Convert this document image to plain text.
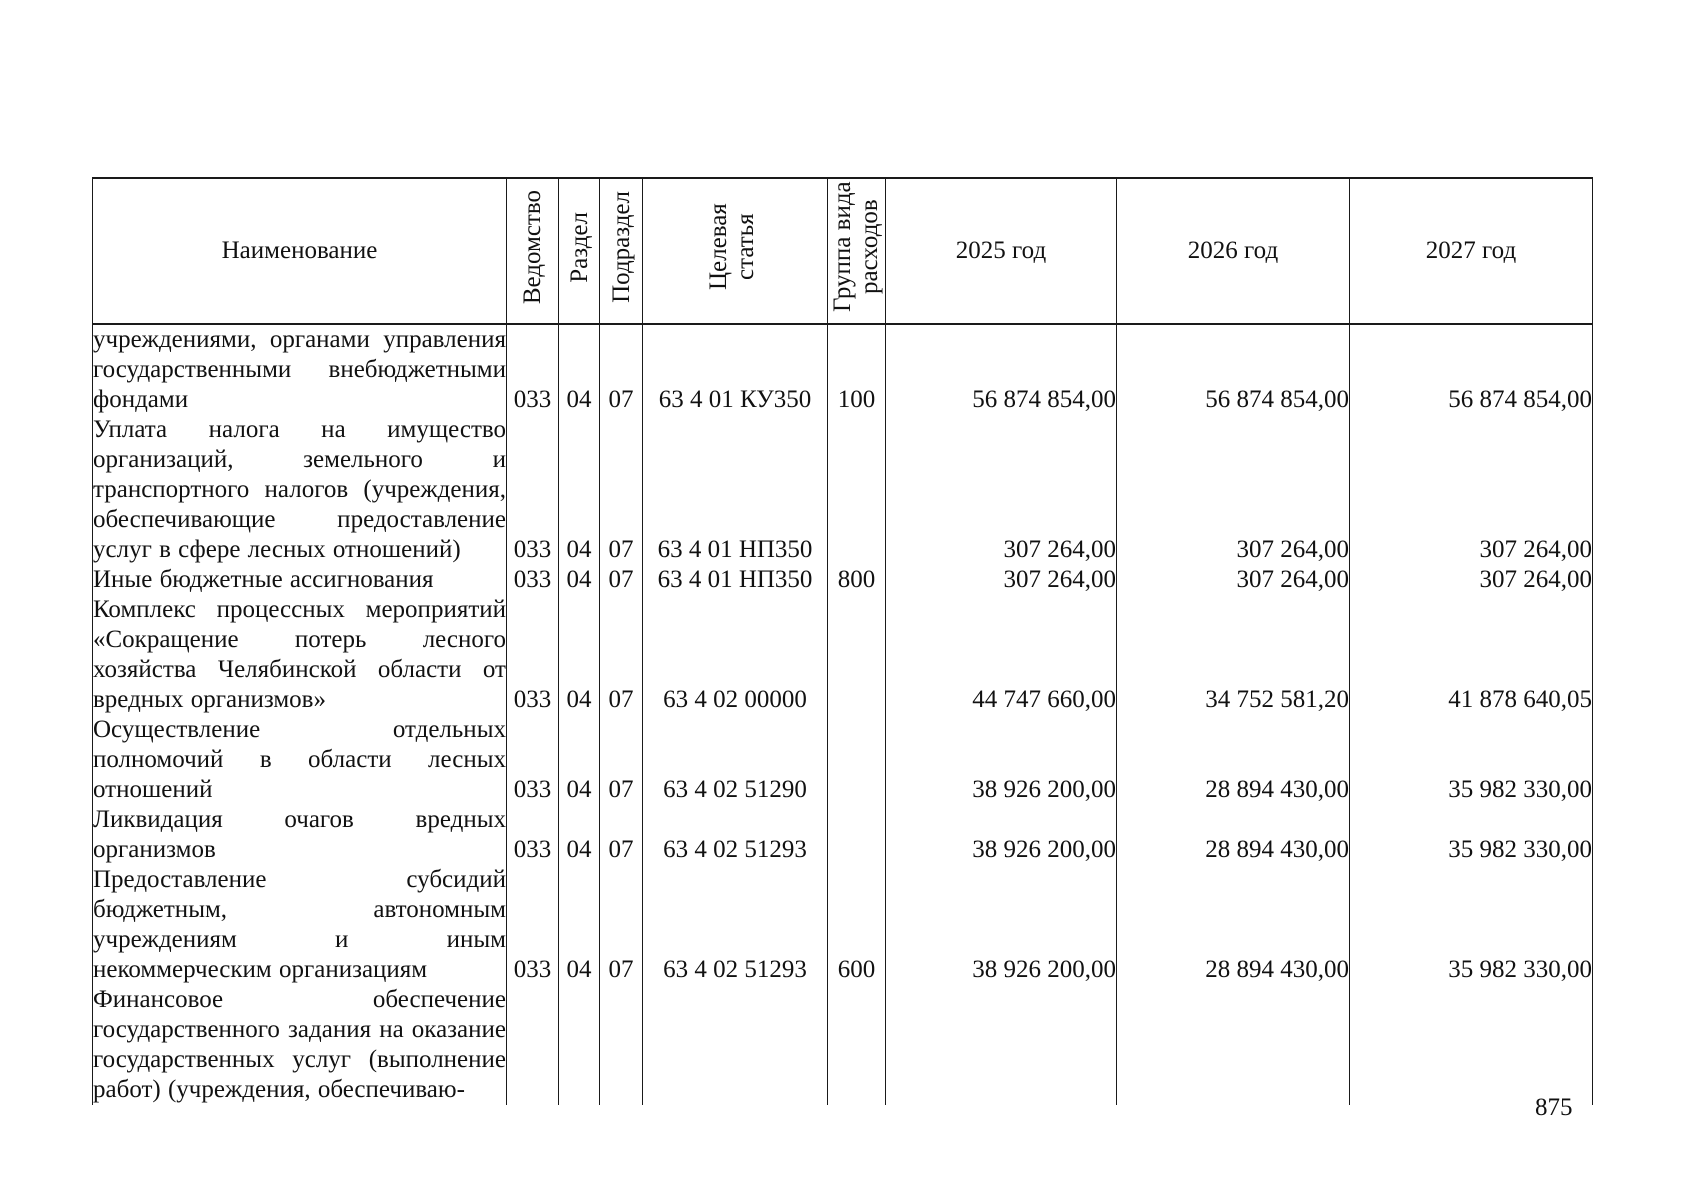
Наименование	Ведомство	Раздел	Подраздел	Целевая статья	Группа вида расходов	2025 год	2026 год	2027 год
учреждениями, органами управления государственными внебюджетными фондами	033	04	07	63 4 01 КУ350	100	56 874 854,00	56 874 854,00	56 874 854,00
Уплата налога на имущество организаций, земельного и транспортного налогов (учреждения, обеспечивающие предоставление услуг в сфере лесных отношений)	033	04	07	63 4 01 НП350		307 264,00	307 264,00	307 264,00
Иные бюджетные ассигнования	033	04	07	63 4 01 НП350	800	307 264,00	307 264,00	307 264,00
Комплекс процессных мероприятий «Сокращение потерь лесного хозяйства Челябинской области от вредных организмов»	033	04	07	63 4 02 00000		44 747 660,00	34 752 581,20	41 878 640,05
Осуществление отдельных полномочий в области лесных отношений	033	04	07	63 4 02 51290		38 926 200,00	28 894 430,00	35 982 330,00
Ликвидация очагов вредных организмов	033	04	07	63 4 02 51293		38 926 200,00	28 894 430,00	35 982 330,00
Предоставление субсидий бюджетным, автономным учреждениям и иным некоммерческим организациям	033	04	07	63 4 02 51293	600	38 926 200,00	28 894 430,00	35 982 330,00
Финансовое обеспечение государственного задания на оказание государственных услуг (выполнение работ) (учреждения, обеспечиваю-								
875
